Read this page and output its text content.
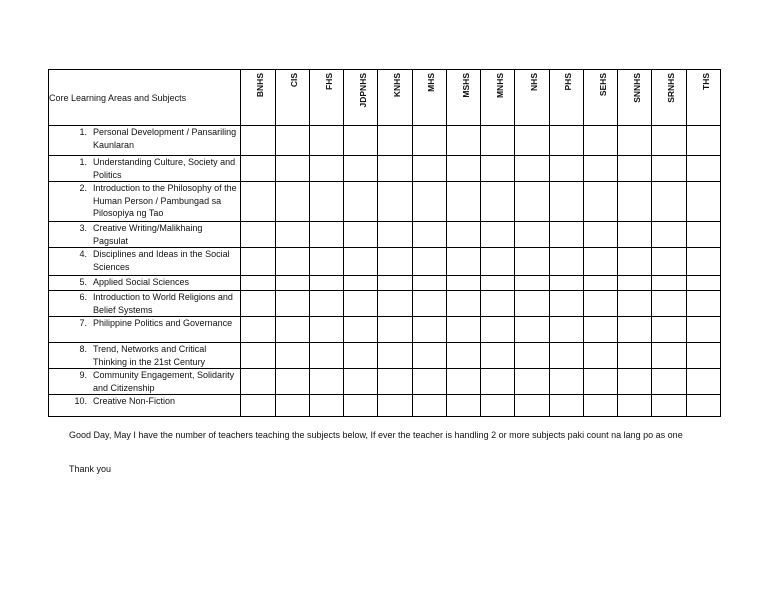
Core Learning Areas and Subjects	BNHS	CIS	FHS	JDPNHS	KNHS	MHS	MSHS	MNHS	NHS	PHS	SEHS	SNNHS	SRNHS	THS

1. Personal Development / Pansariling Kaunlaran														

1. Understanding Culture, Society and Politics														

2. Introduction to the Philosophy of the Human Person / Pambungad sa Pilosopiya ng Tao														

3. Creative Writing/Malikhaing Pagsulat														

4. Disciplines and Ideas in the Social Sciences														

5. Applied Social Sciences														

6. Introduction to World Religions and Belief Systems														

7. Philippine Politics and Governance														

8. Trend, Networks and Critical Thinking in the 21st Century														

9. Community Engagement, Solidarity and Citizenship														

10. Creative Non-Fiction														

Good Day, May I have the number of teachers teaching the subjects below, If ever the teacher is handling 2 or more subjects paki count na lang po as one
Thank you
